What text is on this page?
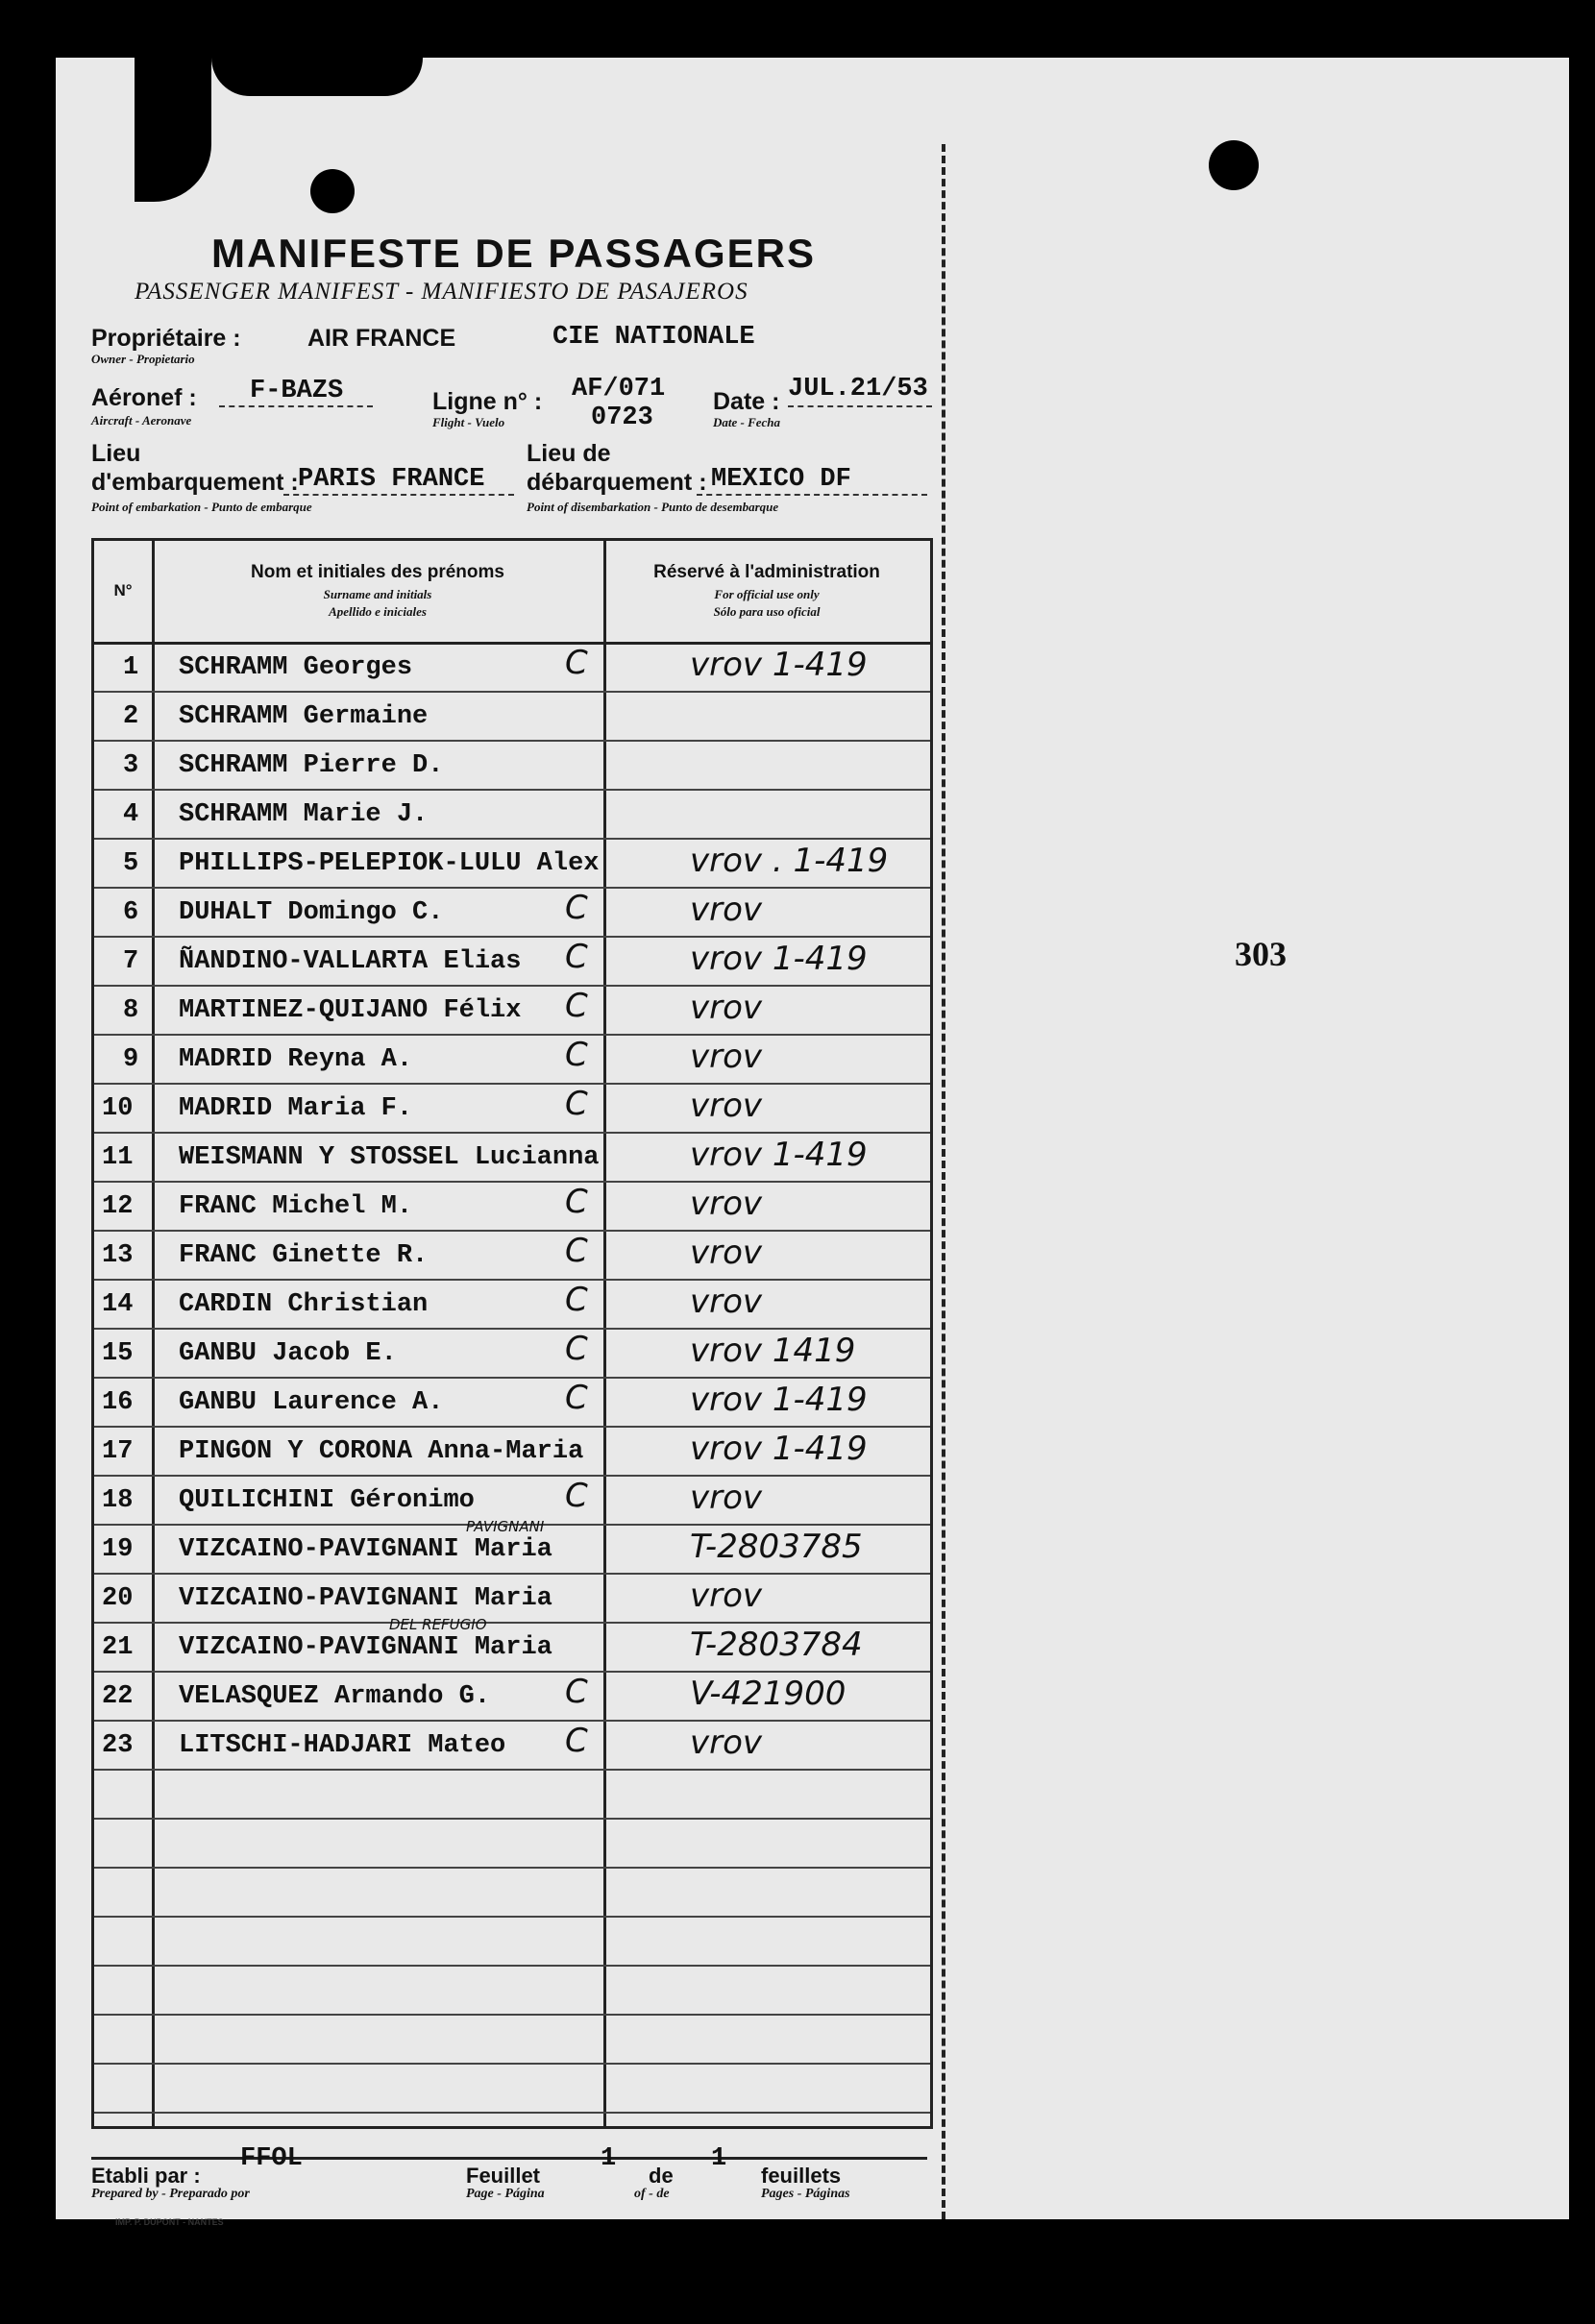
MANIFESTE DE PASSAGERS
PASSENGER MANIFEST - MANIFIESTO DE PASAJEROS
Propriétaire :
Owner - Propietario
AIR FRANCE	CIE NATIONALE
Aéronef :
Aircraft - Aeronave
F-BAZS	Ligne n° :
Flight - Vuelo
AF/071
0723
Date :
Date - Fecha
JUL.21/53
Lieu
d'embarquement :
Point of embarkation - Punto de embarque
PARIS FRANCE
Lieu de
débarquement :
Point of disembarkation - Punto de desembarque
MEXICO DF
303
N°
Nom et initiales des prénoms
Surname and initials
Apellido e iniciales
Réservé à l'administration
For official use only
Sólo para uso oficial
1 SCHRAMM Georges	C	vrov 1-419
2 SCHRAMM Germaine
3 SCHRAMM Pierre D.
4 SCHRAMM Marie J.
5 PHILLIPS-PELEPIOK-LULU Alex	vrov . 1-419
6 DUHALT Domingo C.	C	vrov
7 ÑANDINO-VALLARTA Elias C	vrov 1-419
8 MARTINEZ-QUIJANO Félix C	vrov
9 MADRID Reyna A.	C	vrov
10 MADRID Maria F.	C	vrov
11 WEISMANN Y STOSSEL Lucianna	vrov 1-419
12 FRANC Michel M.	C	vrov
13 FRANC Ginette R.	C	vrov
14 CARDIN Christian	C	vrov
15 GANBU Jacob E.	C	vrov 1419
16 GANBU Laurence A.	C	vrov 1-419
17 PINGON Y CORONA Anna-Maria	vrov 1-419
18 QUILICHINI Géronimo	C	vrov
19 VIZCAINO-PAVIGNANI Maria	T-2803785
20 VIZCAINO-PAVIGNANI Maria	vrov
21 VIZCAINO-PAVIGNANI Maria	T-2803784
22 VELASQUEZ Armando G. C	V-421900
23 LITSCHI-HADJARI Mateo C	vrov
PAVIGNANI
DEL REFUGIO
Etabli par :
Prepared by - Preparado por
FFOL
Feuillet
Page - Página
1
de
of - de
1
feuillets
Pages - Páginas
IMP. P. DUPONT - NANTES
